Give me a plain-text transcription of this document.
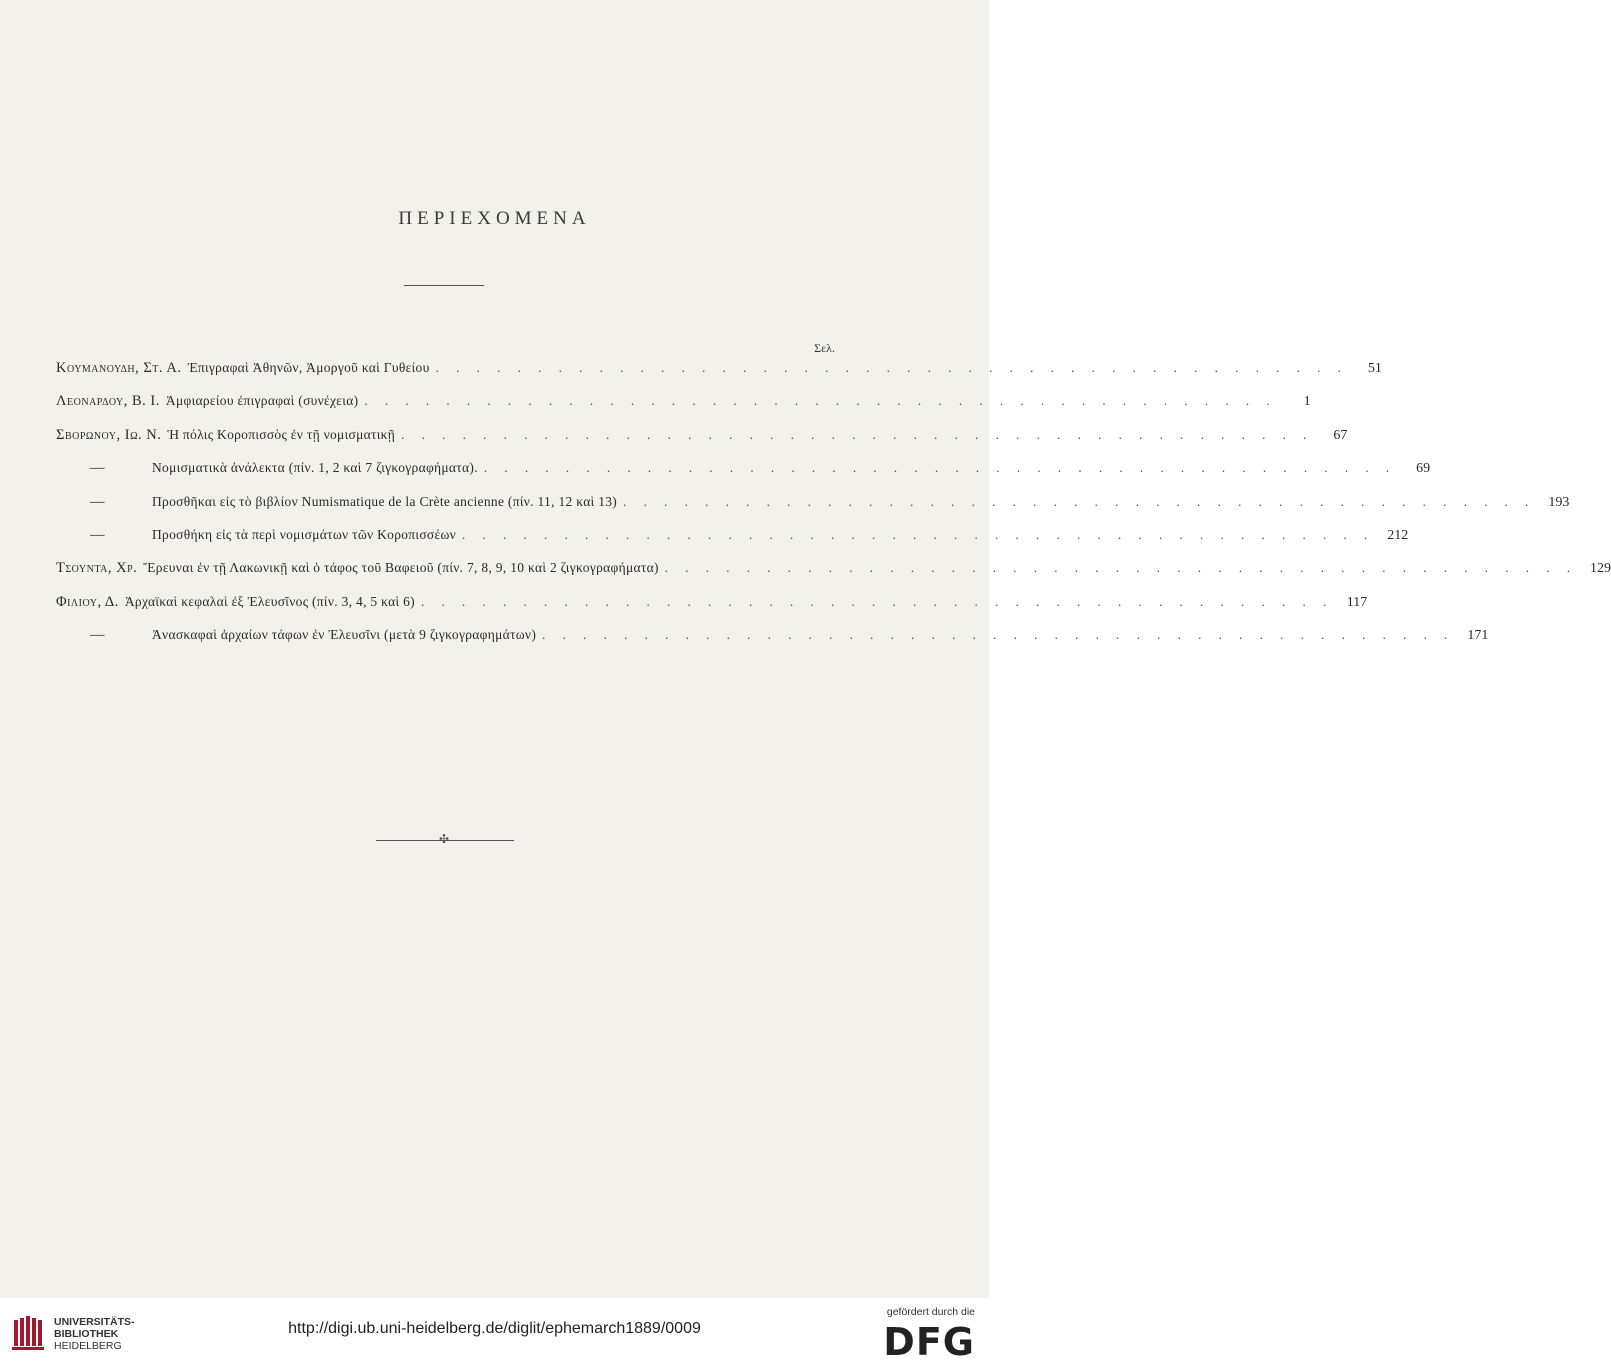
ΠΕΡΙΕΧΟΜΕΝΑ
Σελ.
Κουμανουδη, Στ. Α. Ἐπιγραφαὶ Ἀθηνῶν, Ἀμοργοῦ καὶ Γυθείου . . . . . . . . . . . . . . . . . . . . . . . . . . . . . . . . . . . . . . . . . . . . .	51
Λεοναρδου, Β. Ι. Ἀμφιαρείου ἐπιγραφαὶ (συνέχεια) . . . . . . . . . . . . . . . . . . . . . . . . . . . . . . . . . . . . . . . . . . . . .	1
Σβορωνου, Ιω. Ν. Ἡ πόλις Κοροπισσὸς ἐν τῇ νομισματικῇ . . . . . . . . . . . . . . . . . . . . . . . . . . . . . . . . . . . . . . . . . . . . .	67
—	Νομισματικὰ ἀνάλεκτα (πίν. 1, 2 καὶ 7 ζιγκογραφήματα). . . . . . . . . . . . . . . . . . . . . . . . . . . . . . . . . . . . . . . . . . . . . .	69
—	Προσθῆκαι εἰς τὸ βιβλίον Numismatique de la Crète ancienne (πίν. 11, 12 καὶ 13) . . . . . . . . . . . . . . . . . . . . . . . . . . . . . . . . . . . . . . . . . . . . . 193
—	Προσθήκη εἰς τὰ περὶ νομισμάτων τῶν Κοροπισσέων . . . . . . . . . . . . . . . . . . . . . . . . . . . . . . . . . . . . . . . . . . . . . 212
Τσουντα, Χρ. Ἔρευναι ἐν τῇ Λακωνικῇ καὶ ὁ τάφος τοῦ Βαφειοῦ (πίν. 7, 8, 9, 10 καὶ 2 ζιγκογραφήματα) . . . . . . . . . . . . . . . . . . . . . . . . . . . . . . . . . . . . . . . . . . . . . 129
Φιλιου, Δ. Ἀρχαϊκαὶ κεφαλαὶ ἐξ Ἐλευσῖνος (πίν. 3, 4, 5 καὶ 6) . . . . . . . . . . . . . . . . . . . . . . . . . . . . . . . . . . . . . . . . . . . . . 117
—	Ἀνασκαφαὶ ἀρχαίων τάφων ἐν Ἐλευσῖνι (μετὰ 9 ζιγκογραφημάτων) . . . . . . . . . . . . . . . . . . . . . . . . . . . . . . . . . . . . . . . . . . . . . 171
✣
UNIVERSITÄTS-
BIBLIOTHEK
HEIDELBERG
http://digi.ub.uni-heidelberg.de/diglit/ephemarch1889/0009
gefördert durch die
DFG
